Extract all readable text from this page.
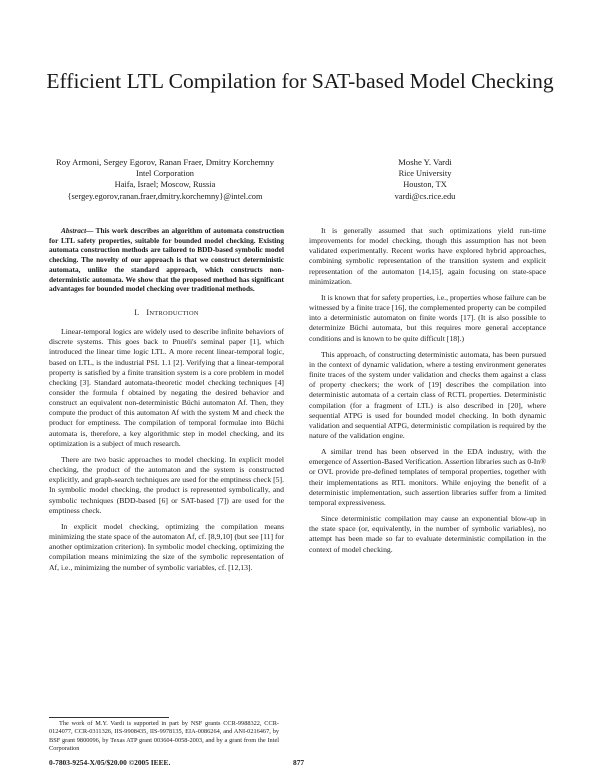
Efficient LTL Compilation for SAT-based Model Checking
Roy Armoni, Sergey Egorov, Ranan Fraer, Dmitry Korchemny
Intel Corporation
Haifa, Israel; Moscow, Russia
{sergey.egorov,ranan.fraer,dmitry.korchemny}@intel.com
Moshe Y. Vardi
Rice University
Houston, TX
vardi@cs.rice.edu

Abstract— This work describes an algorithm of automata construction for LTL safety properties, suitable for bounded model checking. Existing automata construction methods are tailored to BDD-based symbolic model checking. The novelty of our approach is that we construct deterministic automata, unlike the standard approach, which constructs non-deterministic automata. We show that the proposed method has significant advantages for bounded model checking over traditional methods.

I. INTRODUCTION

Linear-temporal logics are widely used to describe infinite behaviors of discrete systems. This goes back to Pnueli's seminal paper [1], which introduced the linear time logic LTL. A more recent linear-temporal logic, based on LTL, is the industrial PSL 1.1 [2]. Verifying that a linear-temporal property is satisfied by a finite transition system is a core problem in model checking [3]. Standard automata-theoretic model checking techniques [4] consider the formula f obtained by negating the desired behavior and construct an equivalent non-deterministic Büchi automaton Af. Then, they compute the product of this automaton Af with the system M and check the product for emptiness. The compilation of temporal formulae into Büchi automata is, therefore, a key algorithmic step in model checking, and its optimization is a subject of much research.

There are two basic approaches to model checking. In explicit model checking, the product of the automaton and the system is constructed explicitly, and graph-search techniques are used for the emptiness check [5]. In symbolic model checking, the product is represented symbolically, and symbolic techniques (BDD-based [6] or SAT-based [7]) are used for the emptiness check.

In explicit model checking, optimizing the compilation means minimizing the state space of the automaton Af, cf. [8,9,10] (but see [11] for another optimization criterion). In symbolic model checking, optimizing the compilation means minimizing the size of the symbolic representation of Af, i.e., minimizing the number of symbolic variables, cf. [12,13].

It is generally assumed that such optimizations yield run-time improvements for model checking, though this assumption has not been validated experimentally. Recent works have explored hybrid approaches, combining symbolic representation of the transition system and explicit representation of the automaton [14,15], again focusing on state-space minimization.

It is known that for safety properties, i.e., properties whose failure can be witnessed by a finite trace [16], the complemented property can be compiled into a deterministic automaton on finite words [17]. (It is also possible to determinize Büchi automata, but this requires more general acceptance conditions and is known to be quite difficult [18].)

This approach, of constructing deterministic automata, has been pursued in the context of dynamic validation, where a testing environment generates finite traces of the system under validation and checks them against a class of property checkers; the work of [19] describes the compilation into deterministic automata of a certain class of RCTL properties. Deterministic compilation (for a fragment of LTL) is also described in [20], where sequential ATPG is used for bounded model checking. In both dynamic validation and sequential ATPG, deterministic compilation is required by the nature of the validation engine.

A similar trend has been observed in the EDA industry, with the emergence of Assertion-Based Verification. Assertion libraries such as 0-In® or OVL provide pre-defined templates of temporal properties, together with their implementations as RTL monitors. While enjoying the benefit of a deterministic implementation, such assertion libraries suffer from a limited temporal expressiveness.

Since deterministic compilation may cause an exponential blow-up in the state space (or, equivalently, in the number of symbolic variables), no attempt has been made so far to evaluate deterministic compilation in the context of model checking.

The work of M.Y. Vardi is supported in part by NSF grants CCR-9988322, CCR-0124077, CCR-0311326, IIS-9908435, IIS-9978135, EIA-0086264, and ANI-0216467, by BSF grant 9800096, by Texas ATP grant 003604-0058-2003, and by a grant from the Intel Corporation
0-7803-9254-X/05/$20.00 ©2005 IEEE.	877
